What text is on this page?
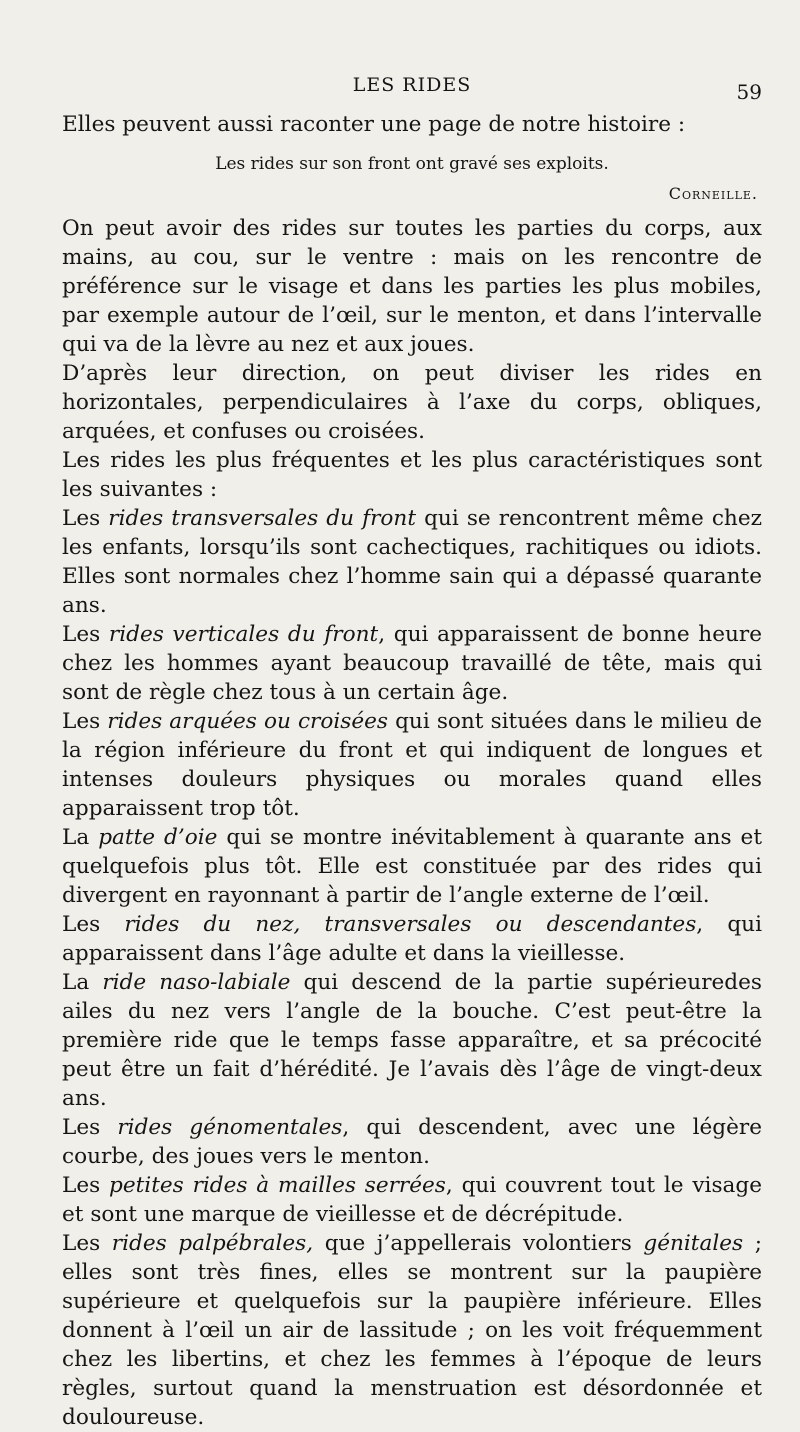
LES RIDES	59

Elles peuvent aussi raconter une page de notre histoire :

Les rides sur son front ont gravé ses exploits.

Corneille.

On peut avoir des rides sur toutes les parties du corps, aux mains, au cou, sur le ventre : mais on les rencontre de préférence sur le visage et dans les parties les plus mobiles, par exemple autour de l’œil, sur le menton, et dans l’intervalle qui va de la lèvre au nez et aux joues.

D’après leur direction, on peut diviser les rides en horizontales, perpendiculaires à l’axe du corps, obliques, arquées, et confuses ou croisées.

Les rides les plus fréquentes et les plus caractéristiques sont les suivantes :

Les rides transversales du front qui se rencontrent même chez les enfants, lorsqu’ils sont cachectiques, rachitiques ou idiots. Elles sont normales chez l’homme sain qui a dépassé quarante ans.

Les rides verticales du front, qui apparaissent de bonne heure chez les hommes ayant beaucoup travaillé de tête, mais qui sont de règle chez tous à un certain âge.

Les rides arquées ou croisées qui sont situées dans le milieu de la région inférieure du front et qui indiquent de longues et intenses douleurs physiques ou morales quand elles apparaissent trop tôt.

La patte d’oie qui se montre inévitablement à quarante ans et quelquefois plus tôt. Elle est constituée par des rides qui divergent en rayonnant à partir de l’angle externe de l’œil.

Les rides du nez, transversales ou descendantes, qui apparaissent dans l’âge adulte et dans la vieillesse.

La ride naso-labiale qui descend de la partie supérieuredes ailes du nez vers l’angle de la bouche. C’est peut-être la première ride que le temps fasse apparaître, et sa précocité peut être un fait d’hérédité. Je l’avais dès l’âge de vingt-deux ans.

Les rides génomentales, qui descendent, avec une légère courbe, des joues vers le menton.

Les petites rides à mailles serrées, qui couvrent tout le visage et sont une marque de vieillesse et de décrépitude.

Les rides palpébrales, que j’appellerais volontiers génitales ; elles sont très fines, elles se montrent sur la paupière supérieure et quelquefois sur la paupière inférieure. Elles donnent à l’œil un air de lassitude ; on les voit fréquemment chez les libertins, et chez les femmes à l’époque de leurs règles, surtout quand la menstruation est désordonnée et douloureuse.
